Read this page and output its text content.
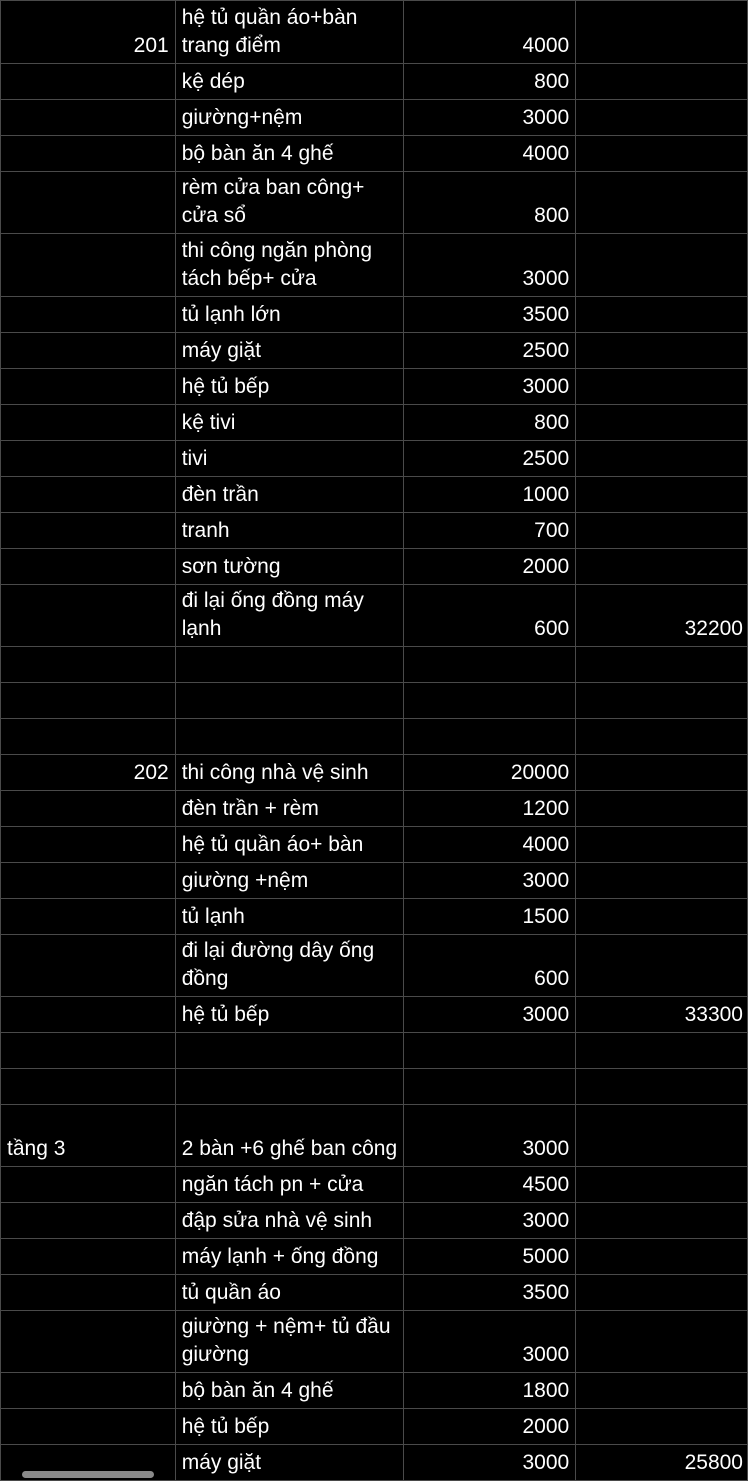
201	hệ tủ quần áo+bàn trang điểm	4000	
	kệ dép	800	
	giường+nệm	3000	
	bộ bàn ăn 4 ghế	4000	
	rèm cửa ban công+ cửa sổ	800	
	thi công ngăn phòng tách bếp+ cửa	3000	
	tủ lạnh lớn	3500	
	máy giặt	2500	
	hệ tủ bếp	3000	
	kệ tivi	800	
	tivi	2500	
	đèn trần	1000	
	tranh	700	
	sơn tường	2000	
	đi lại ống đồng máy lạnh	600	32200

202	thi công nhà vệ sinh	20000	
	đèn trần + rèm	1200	
	hệ tủ quần áo+ bàn	4000	
	giường +nệm	3000	
	tủ lạnh	1500	
	đi lại đường dây ống đồng	600	
	hệ tủ bếp	3000	33300

tầng 3	2 bàn +6 ghế ban công	3000	
	ngăn tách pn + cửa	4500	
	đập sửa nhà vệ sinh	3000	
	máy lạnh + ống đồng	5000	
	tủ quần áo	3500	
	giường + nệm+ tủ đầu giường	3000	
	bộ bàn ăn 4 ghế	1800	
	hệ tủ bếp	2000	
	máy giặt	3000	25800
